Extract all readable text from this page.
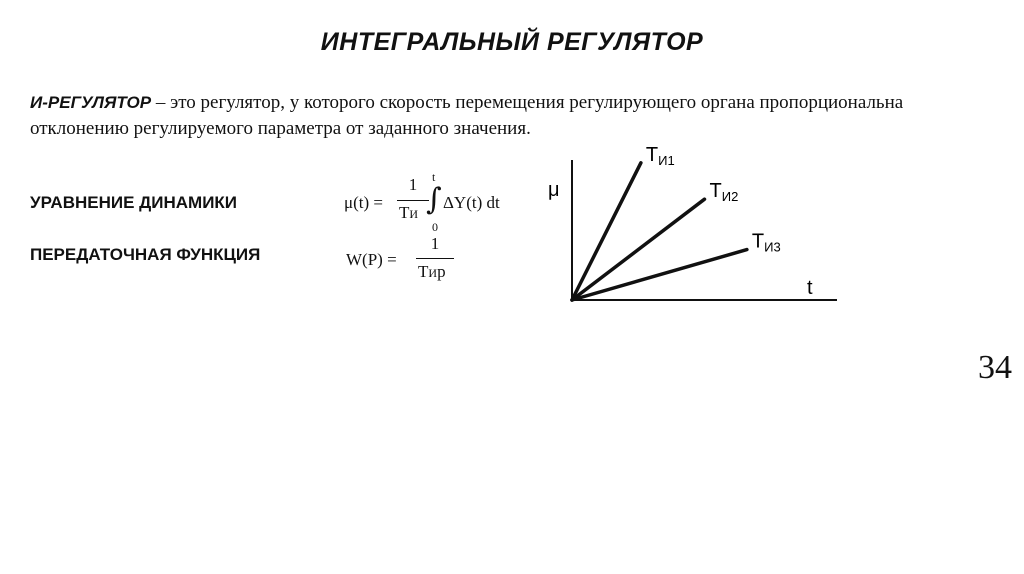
ИНТЕГРАЛЬНЫЙ РЕГУЛЯТОР
И-РЕГУЛЯТОР – это регулятор, у которого скорость перемещения регулирующего органа пропорциональна отклонению регулируемого параметра от заданного значения.
УРАВНЕНИЕ ДИНАМИКИ
ПЕРЕДАТОЧНАЯ ФУНКЦИЯ
μ(t) =
1
TИ
t
∫
0
ΔY(t) dt
W(P) =
1
TИp
μ
t
$T_{И1}$
$T_{И2}$
$T_{И3}$
34
